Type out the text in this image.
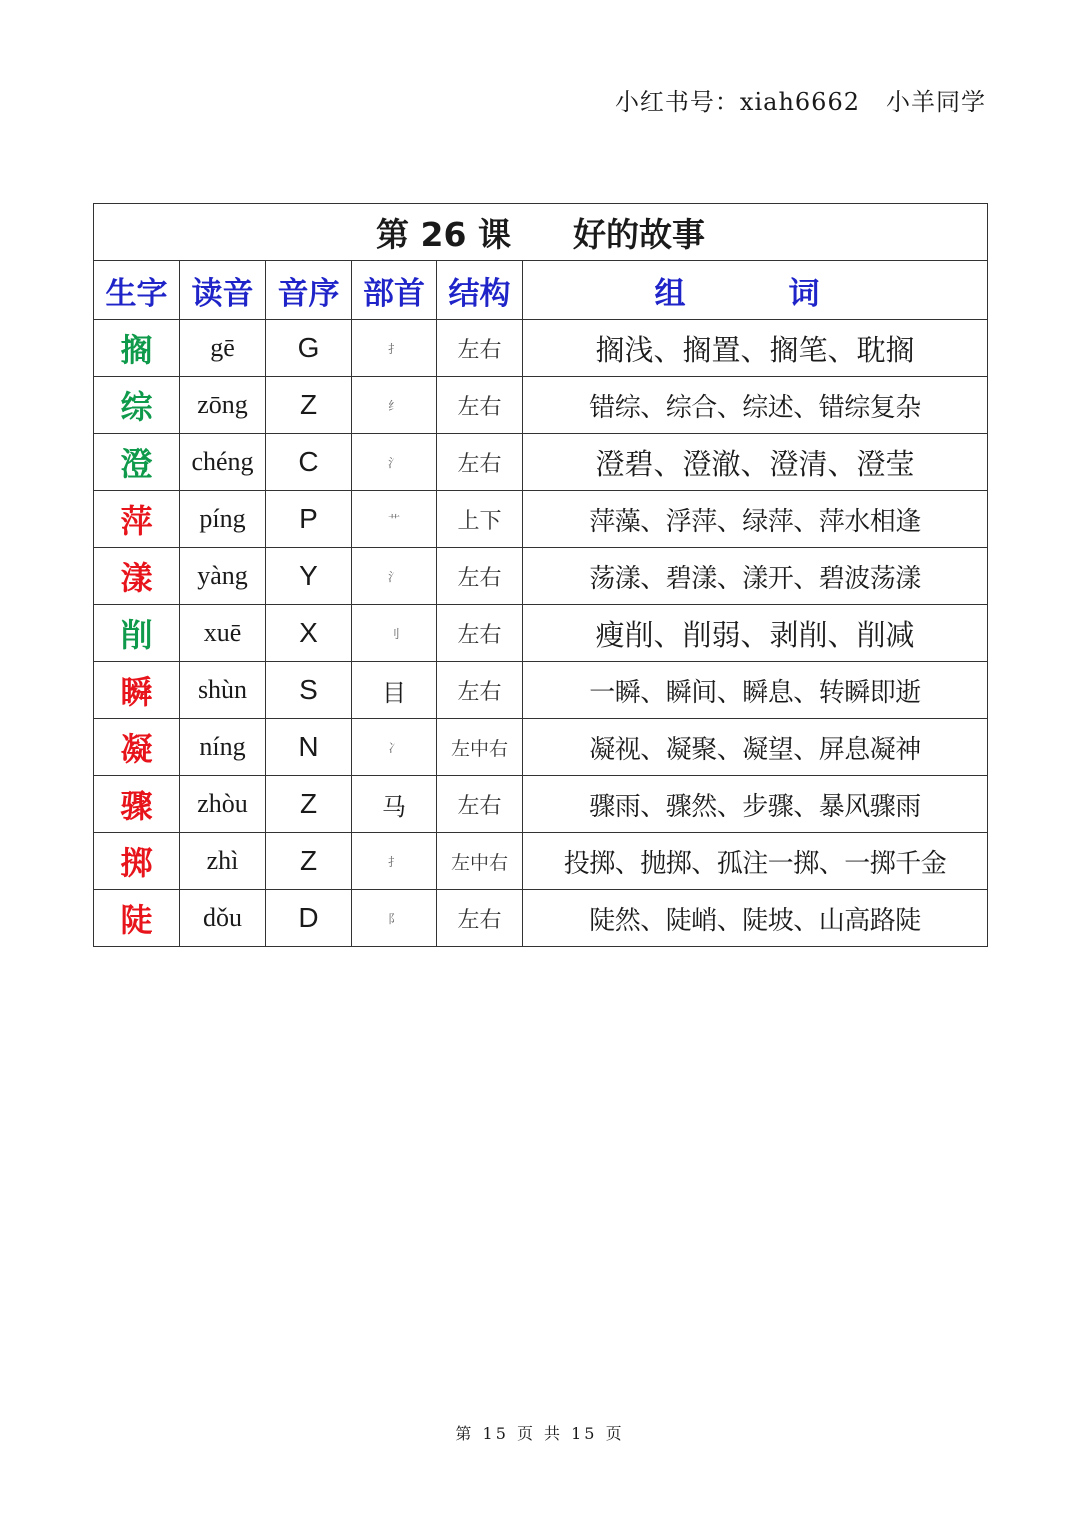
小红书号：xiah6662 小羊同学
第 26 课 好的故事					
生字	读音	音序	部首	结构	组　词
搁	gē	G	扌	左右	搁浅、搁置、搁笔、耽搁
综	zōng	Z	纟	左右	错综、综合、综述、错综复杂
澄	chéng	C	氵	左右	澄碧、澄澈、澄清、澄莹
萍	píng	P	艹	上下	萍藻、浮萍、绿萍、萍水相逢
漾	yàng	Y	氵	左右	荡漾、碧漾、漾开、碧波荡漾
削	xuē	X	刂	左右	瘦削、削弱、剥削、削减
瞬	shùn	S	目	左右	一瞬、瞬间、瞬息、转瞬即逝
凝	níng	N	冫	左中右	凝视、凝聚、凝望、屏息凝神
骤	zhòu	Z	马	左右	骤雨、骤然、步骤、暴风骤雨
掷	zhì	Z	扌	左中右	投掷、抛掷、孤注一掷、一掷千金
陡	dǒu	D	阝	左右	陡然、陡峭、陡坡、山高路陡
第 15 页 共 15 页
